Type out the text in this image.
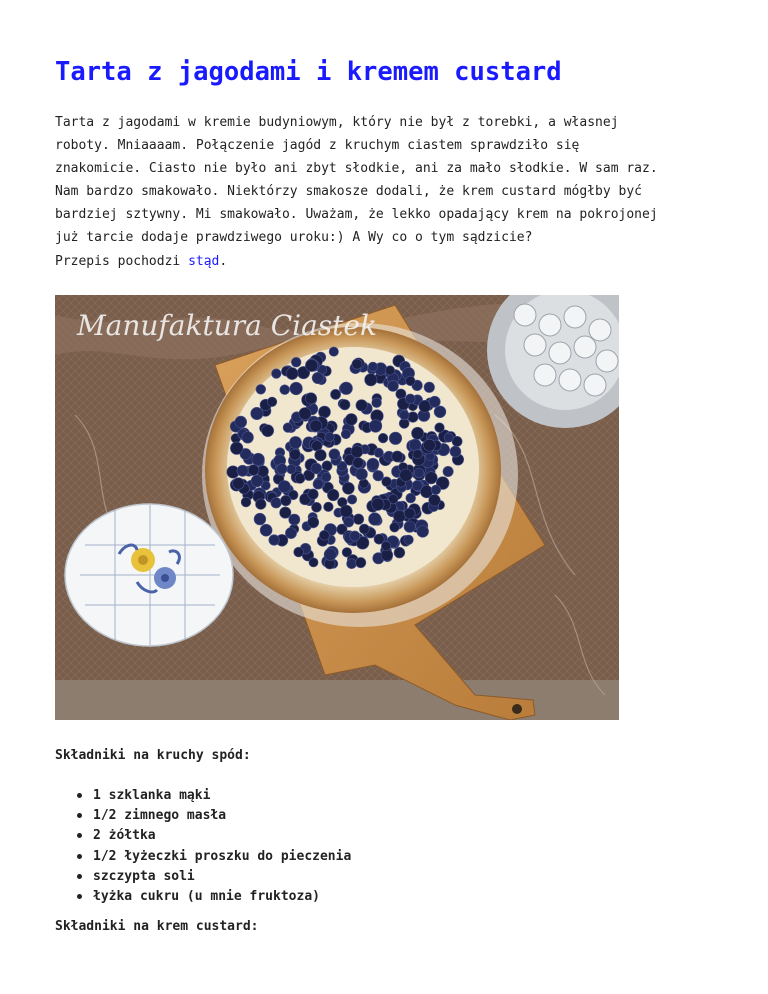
Tarta z jagodami i kremem custard
Tarta z jagodami w kremie budyniowym, który nie był z torebki, a własnej
roboty. Mniaaaam. Połączenie jagód z kruchym ciastem sprawdziło się
znakomicie. Ciasto nie było ani zbyt słodkie, ani za mało słodkie. W sam raz.
Nam bardzo smakowało. Niektórzy smakosze dodali, że krem custard mógłby być
bardziej sztywny. Mi smakowało. Uważam, że lekko opadający krem na pokrojonej
już tarcie dodaje prawdziwego uroku:) A Wy co o tym sądzicie?
Przepis pochodzi stąd.
Manufaktura Ciastek
Składniki na kruchy spód:
1 szklanka mąki
1/2 zimnego masła
2 żółtka
1/2 łyżeczki proszku do pieczenia
szczypta soli
łyżka cukru (u mnie fruktoza)
Składniki na krem custard:
